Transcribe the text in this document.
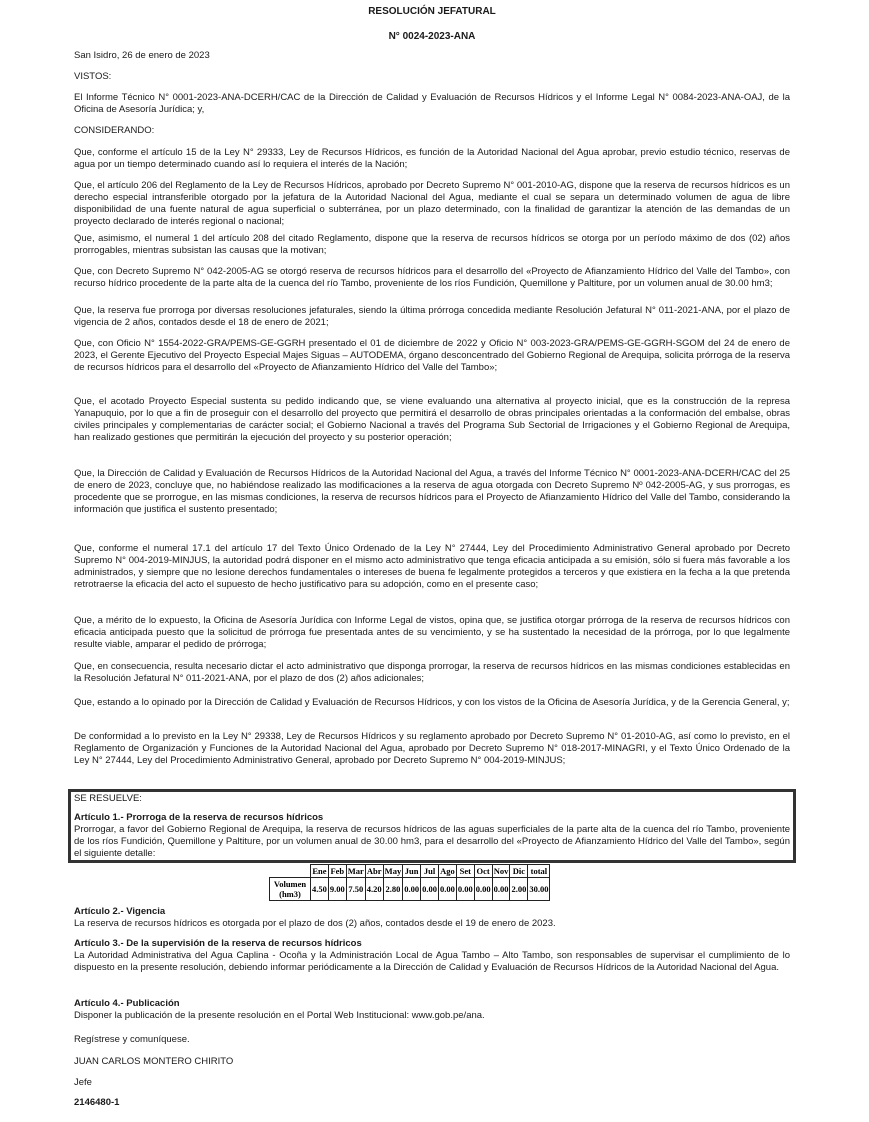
RESOLUCIÓN JEFATURAL
N° 0024-2023-ANA

San Isidro, 26 de enero de 2023

VISTOS:

El Informe Técnico N° 0001-2023-ANA-DCERH/CAC de la Dirección de Calidad y Evaluación de Recursos Hídricos y el Informe Legal N° 0084-2023-ANA-OAJ, de la Oficina de Asesoría Jurídica; y,

CONSIDERANDO:

Que, conforme el artículo 15 de la Ley N° 29333, Ley de Recursos Hídricos, es función de la Autoridad Nacional del Agua aprobar, previo estudio técnico, reservas de agua por un tiempo determinado cuando así lo requiera el interés de la Nación;

Que, el artículo 206 del Reglamento de la Ley de Recursos Hídricos, aprobado por Decreto Supremo N° 001-2010-AG, dispone que la reserva de recursos hídricos es un derecho especial intransferible otorgado por la jefatura de la Autoridad Nacional del Agua, mediante el cual se separa un determinado volumen de agua de libre disponibilidad de una fuente natural de agua superficial o subterránea, por un plazo determinado, con la finalidad de garantizar la atención de las demandas de un proyecto declarado de interés regional o nacional;

Que, asimismo, el numeral 1 del artículo 208 del citado Reglamento, dispone que la reserva de recursos hídricos se otorga por un período máximo de dos (02) años prorrogables, mientras subsistan las causas que la motivan;

Que, con Decreto Supremo N° 042-2005-AG se otorgó reserva de recursos hídricos para el desarrollo del «Proyecto de Afianzamiento Hídrico del Valle del Tambo», con recurso hídrico procedente de la parte alta de la cuenca del río Tambo, proveniente de los ríos Fundición, Quemillone y Paltiture, por un volumen anual de 30.00 hm3;

Que, la reserva fue prorroga por diversas resoluciones jefaturales, siendo la última prórroga concedida mediante Resolución Jefatural N° 011-2021-ANA, por el plazo de vigencia de 2 años, contados desde el 18 de enero de 2021;

Que, con Oficio N° 1554-2022-GRA/PEMS-GE-GGRH presentado el 01 de diciembre de 2022 y Oficio N° 003-2023-GRA/PEMS-GE-GGRH-SGOM del 24 de enero de 2023, el Gerente Ejecutivo del Proyecto Especial Majes Siguas – AUTODEMA, órgano desconcentrado del Gobierno Regional de Arequipa, solicita prórroga de la reserva de recursos hídricos para el desarrollo del «Proyecto de Afianzamiento Hídrico del Valle del Tambo»;

Que, el acotado Proyecto Especial sustenta su pedido indicando que, se viene evaluando una alternativa al proyecto inicial, que es la construcción de la represa Yanapuquio, por lo que a fin de proseguir con el desarrollo del proyecto que permitirá el desarrollo de obras principales orientadas a la conformación del embalse, obras civiles principales y complementarias de carácter social; el Gobierno Nacional a través del Programa Sub Sectorial de Irrigaciones y el Gobierno Regional de Arequipa, han realizado gestiones que permitirán la ejecución del proyecto y su posterior operación;

Que, la Dirección de Calidad y Evaluación de Recursos Hídricos de la Autoridad Nacional del Agua, a través del Informe Técnico N° 0001-2023-ANA-DCERH/CAC del 25 de enero de 2023, concluye que, no habiéndose realizado las modificaciones a la reserva de agua otorgada con Decreto Supremo Nº 042-2005-AG, y sus prorrogas, es procedente que se prorrogue, en las mismas condiciones, la reserva de recursos hídricos para el Proyecto de Afianzamiento Hídrico del Valle del Tambo, considerando la información que justifica el sustento presentado;

Que, conforme el numeral 17.1 del artículo 17 del Texto Único Ordenado de la Ley N° 27444, Ley del Procedimiento Administrativo General aprobado por Decreto Supremo N° 004-2019-MINJUS, la autoridad podrá disponer en el mismo acto administrativo que tenga eficacia anticipada a su emisión, sólo si fuera más favorable a los administrados, y siempre que no lesione derechos fundamentales o intereses de buena fe legalmente protegidos a terceros y que existiera en la fecha a la que pretenda retrotraerse la eficacia del acto el supuesto de hecho justificativo para su adopción, como en el presente caso;

Que, a mérito de lo expuesto, la Oficina de Asesoría Jurídica con Informe Legal de vistos, opina que, se justifica otorgar prórroga de la reserva de recursos hídricos con eficacia anticipada puesto que la solicitud de prórroga fue presentada antes de su vencimiento, y se ha sustentado la necesidad de la prórroga, por lo que legalmente resulte viable, amparar el pedido de prórroga;

Que, en consecuencia, resulta necesario dictar el acto administrativo que disponga prorrogar, la reserva de recursos hídricos en las mismas condiciones establecidas en la Resolución Jefatural N° 011-2021-ANA, por el plazo de dos (2) años adicionales;

Que, estando a lo opinado por la Dirección de Calidad y Evaluación de Recursos Hídricos, y con los vistos de la Oficina de Asesoría Jurídica, y de la Gerencia General, y;

De conformidad a lo previsto en la Ley N° 29338, Ley de Recursos Hídricos y su reglamento aprobado por Decreto Supremo N° 01-2010-AG, así como lo previsto, en el Reglamento de Organización y Funciones de la Autoridad Nacional del Agua, aprobado por Decreto Supremo N° 018-2017-MINAGRI, y el Texto Único Ordenado de la Ley N° 27444, Ley del Procedimiento Administrativo General, aprobado por Decreto Supremo N° 004-2019-MINJUS;

SE RESUELVE:

Artículo 1.- Prorroga de la reserva de recursos hídricos

Prorrogar, a favor del Gobierno Regional de Arequipa, la reserva de recursos hídricos de las aguas superficiales de la parte alta de la cuenca del río Tambo, proveniente de los ríos Fundición, Quemillone y Paltiture, por un volumen anual de 30.00 hm3, para el desarrollo del «Proyecto de Afianzamiento Hídrico del Valle del Tambo», según el siguiente detalle:

Artículo 2.- Vigencia

La reserva de recursos hídricos es otorgada por el plazo de dos (2) años, contados desde el 19 de enero de 2023.

Artículo 3.- De la supervisión de la reserva de recursos hídricos

La Autoridad Administrativa del Agua Caplina - Ocoña y la Administración Local de Agua Tambo – Alto Tambo, son responsables de supervisar el cumplimiento de lo dispuesto en la presente resolución, debiendo informar periódicamente a la Dirección de Calidad y Evaluación de Recursos Hídricos de la Autoridad Nacional del Agua.

Artículo 4.- Publicación

Disponer la publicación de la presente resolución en el Portal Web Institucional: www.gob.pe/ana.

Regístrese y comuníquese.

JUAN CARLOS MONTERO CHIRITO

Jefe

2146480-1

	Ene	Feb	Mar	Abr	May	Jun	Jul	Ago	Set	Oct	Nov	Dic	total
Volumen (hm3)	4.50	9.00	7.50	4.20	2.80	0.00	0.00	0.00	0.00	0.00	0.00	2.00	30.00
